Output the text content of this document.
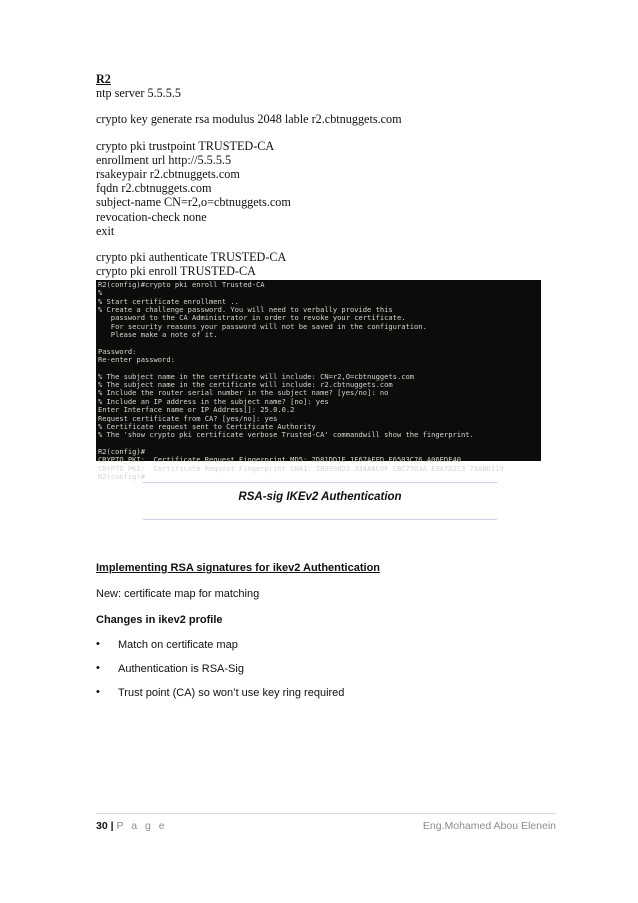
R2
ntp server 5.5.5.5
crypto key generate rsa modulus 2048 lable r2.cbtnuggets.com
crypto pki trustpoint TRUSTED-CA
enrollment url http://5.5.5.5
rsakeypair r2.cbtnuggets.com
fqdn r2.cbtnuggets.com
subject-name CN=r2,o=cbtnuggets.com
revocation-check none
exit
crypto pki authenticate TRUSTED-CA
crypto pki enroll TRUSTED-CA
R2(config)#crypto pki enroll Trusted-CA
%
% Start certificate enrollment ..
% Create a challenge password. You will need to verbally provide this
password to the CA Administrator in order to revoke your certificate.
For security reasons your password will not be saved in the configuration.
Please make a note of it.
Password:
Re-enter password:
% The subject name in the certificate will include: CN=r2,O=cbtnuggets.com
% The subject name in the certificate will include: r2.cbtnuggets.com
% Include the router serial number in the subject name? [yes/no]: no
% Include an IP address in the subject name? [no]: yes
Enter Interface name or IP Address[]: 25.0.0.2
Request certificate from CA? [yes/no]: yes
% Certificate request sent to Certificate Authority
% The 'show crypto pki certificate verbose Trusted-CA' commandwill show the fingerprint.
R2(config)#
CRYPTO_PKI:  Certificate Request Fingerprint MD5: 2D81DD1E 1E67AEFD F6503C76 A06EDE40
CRYPTO_PKI:  Certificate Request Fingerprint SHA1: 2B9998D3 334A6C0F CBC7703A E9A7D2C3 78ABD119
R2(config)#
RSA-sig IKEv2 Authentication
Implementing RSA signatures for ikev2 Authentication
New: certificate map for matching
Changes in ikev2 profile
• Match on certificate map
• Authentication is RSA-Sig
• Trust point (CA) so won’t use key ring required
30 | P a g e	Eng.Mohamed Abou Elenein
